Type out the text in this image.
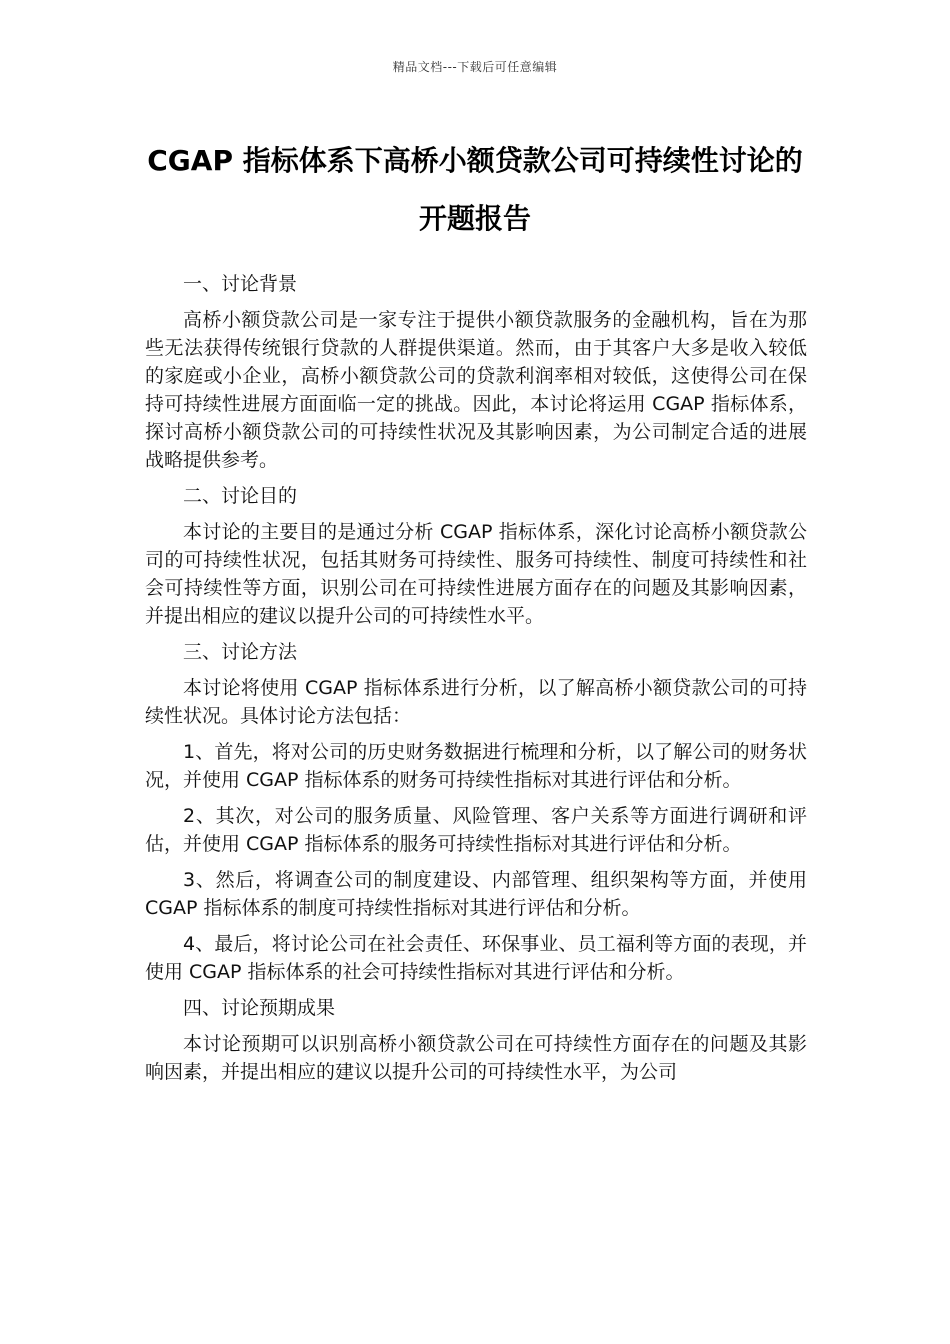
精品文档---下载后可任意编辑
CGAP 指标体系下高桥小额贷款公司可持续性讨论的
开题报告

一、讨论背景

高桥小额贷款公司是一家专注于提供小额贷款服务的金融机构，旨在为那些无法获得传统银行贷款的人群提供渠道。然而，由于其客户大多是收入较低的家庭或小企业，高桥小额贷款公司的贷款利润率相对较低，这使得公司在保持可持续性进展方面面临一定的挑战。因此，本讨论将运用 CGAP 指标体系，探讨高桥小额贷款公司的可持续性状况及其影响因素，为公司制定合适的进展战略提供参考。

二、讨论目的

本讨论的主要目的是通过分析 CGAP 指标体系，深化讨论高桥小额贷款公司的可持续性状况，包括其财务可持续性、服务可持续性、制度可持续性和社会可持续性等方面，识别公司在可持续性进展方面存在的问题及其影响因素，并提出相应的建议以提升公司的可持续性水平。

三、讨论方法

本讨论将使用 CGAP 指标体系进行分析，以了解高桥小额贷款公司的可持续性状况。具体讨论方法包括：

1、首先，将对公司的历史财务数据进行梳理和分析，以了解公司的财务状况，并使用 CGAP 指标体系的财务可持续性指标对其进行评估和分析。

2、其次，对公司的服务质量、风险管理、客户关系等方面进行调研和评估，并使用 CGAP 指标体系的服务可持续性指标对其进行评估和分析。

3、然后，将调查公司的制度建设、内部管理、组织架构等方面，并使用 CGAP 指标体系的制度可持续性指标对其进行评估和分析。

4、最后，将讨论公司在社会责任、环保事业、员工福利等方面的表现，并使用 CGAP 指标体系的社会可持续性指标对其进行评估和分析。

四、讨论预期成果

本讨论预期可以识别高桥小额贷款公司在可持续性方面存在的问题及其影响因素，并提出相应的建议以提升公司的可持续性水平，为公司
